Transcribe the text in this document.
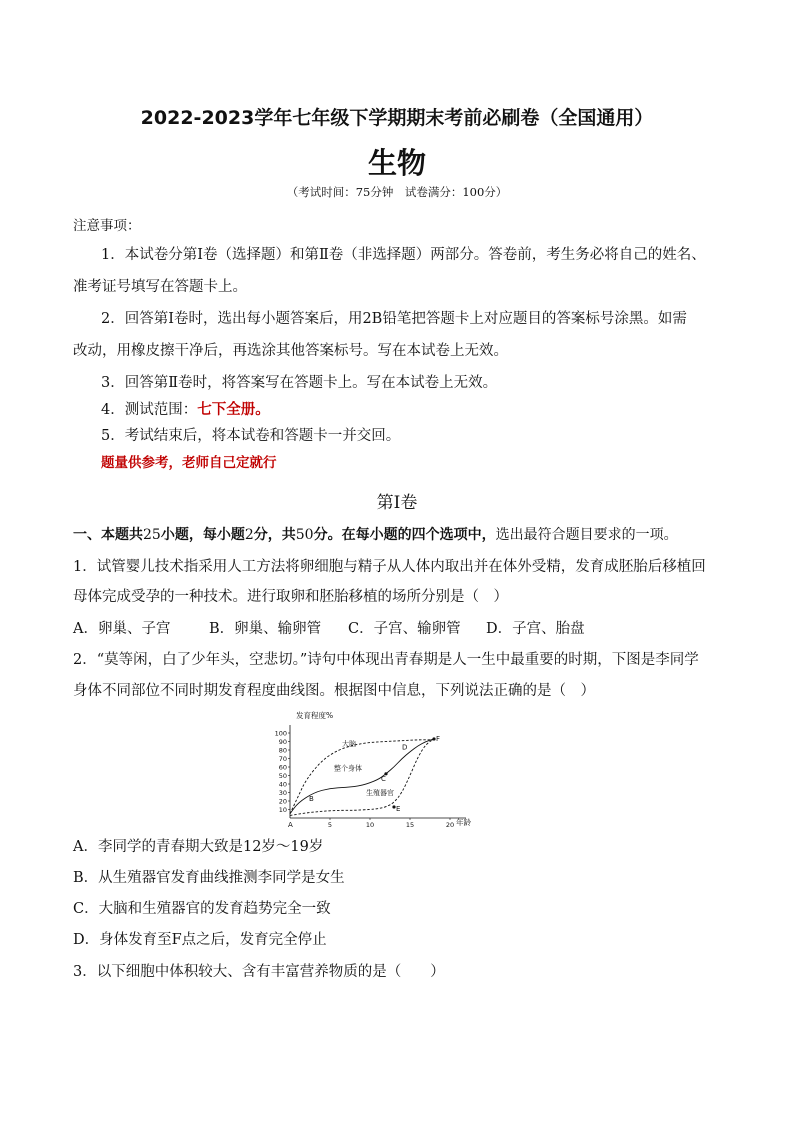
2022-2023学年七年级下学期期末考前必刷卷（全国通用）
生物
（考试时间：75分钟　试卷满分：100分）
注意事项：
1．本试卷分第Ⅰ卷（选择题）和第Ⅱ卷（非选择题）两部分。答卷前，考生务必将自己的姓名、
准考证号填写在答题卡上。
2．回答第Ⅰ卷时，选出每小题答案后，用2B铅笔把答题卡上对应题目的答案标号涂黑。如需
改动，用橡皮擦干净后，再选涂其他答案标号。写在本试卷上无效。
3．回答第Ⅱ卷时，将答案写在答题卡上。写在本试卷上无效。
4．测试范围：七下全册。
5．考试结束后，将本试卷和答题卡一并交回。
题量供参考，老师自己定就行
第Ⅰ卷
一、本题共25小题，每小题2分，共50分。在每小题的四个选项中，选出最符合题目要求的一项。
1．试管婴儿技术指采用人工方法将卵细胞与精子从人体内取出并在体外受精，发育成胚胎后移植回
母体完成受孕的一种技术。进行取卵和胚胎移植的场所分别是（　）
A．卵巢、子宫	B．卵巢、输卵管 C．子宫、输卵管 D．子宫、胎盘
2．“莫等闲，白了少年头，空悲切。”诗句中体现出青春期是人一生中最重要的时期，下图是李同学
身体不同部位不同时期发育程度曲线图。根据图中信息，下列说法正确的是（　）
发育程度%
年龄
10
20
30
40
50
60
70
80
90
100
5	10	15	20
大脑
整个身体
生殖器官
A
B
C
D
E
F
A．李同学的青春期大致是12岁～19岁
B．从生殖器官发育曲线推测李同学是女生
C．大脑和生殖器官的发育趋势完全一致
D．身体发育至F点之后，发育完全停止
3．以下细胞中体积较大、含有丰富营养物质的是（　　）
